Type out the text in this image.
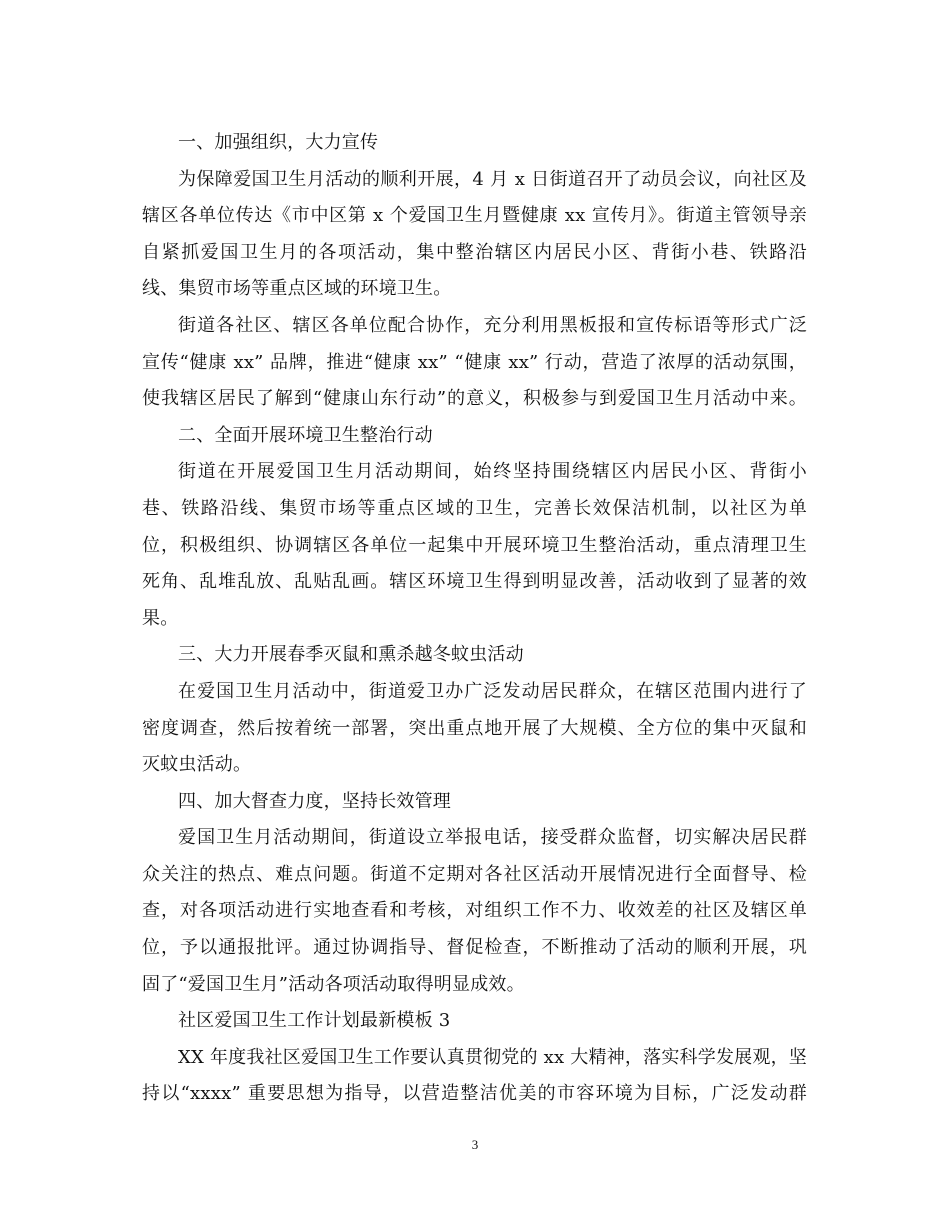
一、加强组织，大力宣传
为保障爱国卫生月活动的顺利开展，4 月 x 日街道召开了动员会议，向社区及
辖区各单位传达《市中区第 x 个爱国卫生月暨健康 xx 宣传月》。街道主管领导亲
自紧抓爱国卫生月的各项活动，集中整治辖区内居民小区、背街小巷、铁路沿
线、集贸市场等重点区域的环境卫生。
街道各社区、辖区各单位配合协作，充分利用黑板报和宣传标语等形式广泛
宣传“健康 xx” 品牌，推进“健康 xx” “健康 xx” 行动，营造了浓厚的活动氛围，
使我辖区居民了解到“健康山东行动”的意义，积极参与到爱国卫生月活动中来。
二、全面开展环境卫生整治行动
街道在开展爱国卫生月活动期间，始终坚持围绕辖区内居民小区、背街小
巷、铁路沿线、集贸市场等重点区域的卫生，完善长效保洁机制，以社区为单
位，积极组织、协调辖区各单位一起集中开展环境卫生整治活动，重点清理卫生
死角、乱堆乱放、乱贴乱画。辖区环境卫生得到明显改善，活动收到了显著的效
果。
三、大力开展春季灭鼠和熏杀越冬蚊虫活动
在爱国卫生月活动中，街道爱卫办广泛发动居民群众，在辖区范围内进行了
密度调查，然后按着统一部署，突出重点地开展了大规模、全方位的集中灭鼠和
灭蚊虫活动。
四、加大督查力度，坚持长效管理
爱国卫生月活动期间，街道设立举报电话，接受群众监督，切实解决居民群
众关注的热点、难点问题。街道不定期对各社区活动开展情况进行全面督导、检
查，对各项活动进行实地查看和考核，对组织工作不力、收效差的社区及辖区单
位，予以通报批评。通过协调指导、督促检查，不断推动了活动的顺利开展，巩
固了“爱国卫生月”活动各项活动取得明显成效。
社区爱国卫生工作计划最新模板 3
XX 年度我社区爱国卫生工作要认真贯彻党的 xx 大精神，落实科学发展观，坚
持以“xxxx” 重要思想为指导，以营造整洁优美的市容环境为目标，广泛发动群
3
